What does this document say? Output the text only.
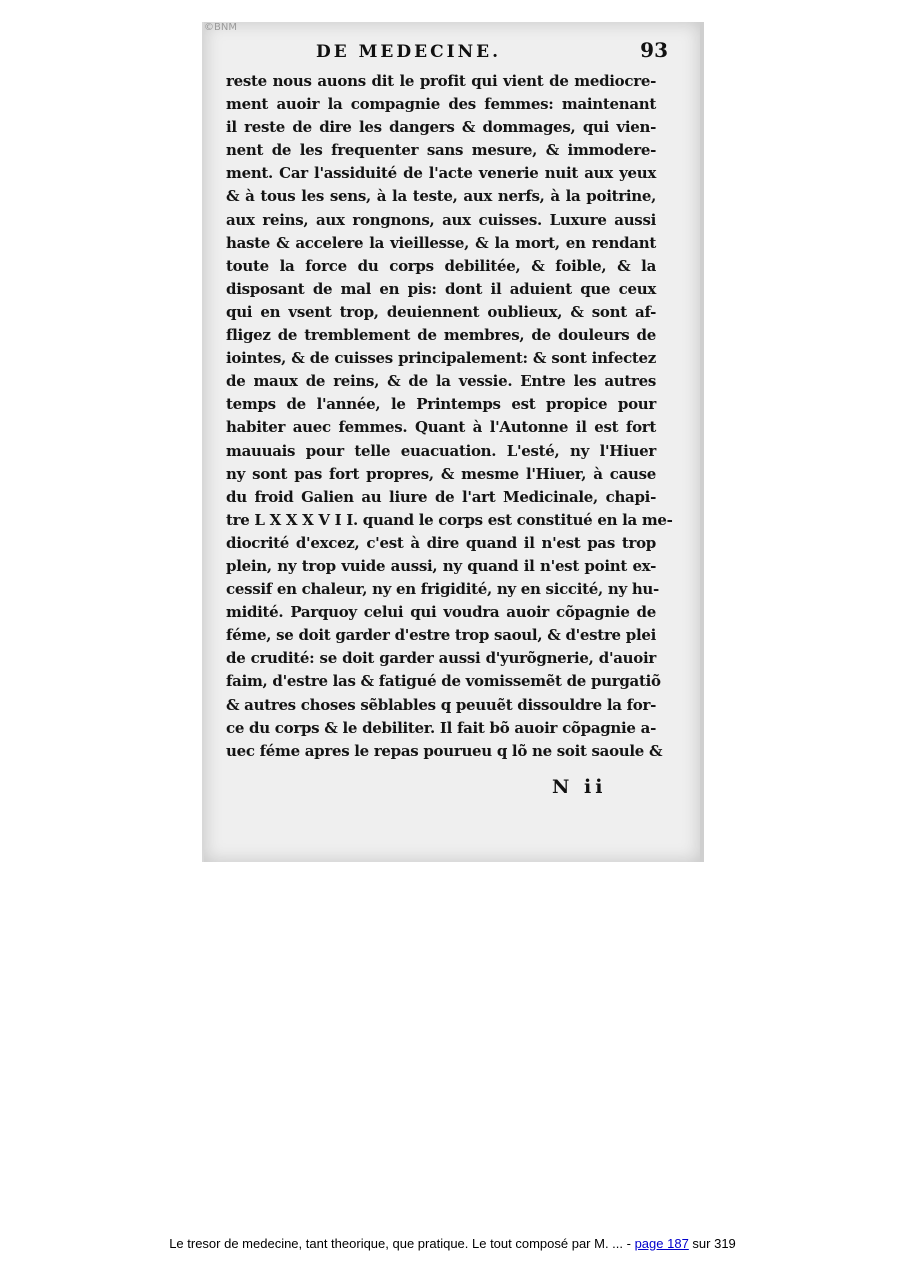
©BNM
DE MEDECINE.	93
reste nous auons dit le profit qui vient de mediocre-
ment auoir la compagnie des femmes: maintenant
il reste de dire les dangers & dommages, qui vien-
nent de les frequenter sans mesure, & immodere-
ment. Car l'assiduité de l'acte venerie nuit aux yeux
& à tous les sens, à la teste, aux nerfs, à la poitrine,
aux reins, aux rongnons, aux cuisses. Luxure aussi
haste & accelere la vieillesse, & la mort, en rendant
toute la force du corps debilitée, & foible, & la
disposant de mal en pis: dont il aduient que ceux
qui en vsent trop, deuiennent oublieux, & sont af-
fligez de tremblement de membres, de douleurs de
iointes, & de cuisses principalement: & sont infectez
de maux de reins, & de la vessie. Entre les autres
temps de l'année, le Printemps est propice pour
habiter auec femmes. Quant à l'Autonne il est fort
mauuais pour telle euacuation. L'esté, ny l'Hiuer
ny sont pas fort propres, & mesme l'Hiuer, à cause
du froid Galien au liure de l'art Medicinale, chapi-
tre L X X X V I I. quand le corps est constitué en la me-
diocrité d'excez, c'est à dire quand il n'est pas trop
plein, ny trop vuide aussi, ny quand il n'est point ex-
cessif en chaleur, ny en frigidité, ny en siccité, ny hu-
midité. Parquoy celui qui voudra auoir cõpagnie de
féme, se doit garder d'estre trop saoul, & d'estre plei
de crudité: se doit garder aussi d'yurõgnerie, d'auoir
faim, d'estre las & fatigué de vomissemẽt de purgatiõ
& autres choses sẽblables q peuuẽt dissouldre la for-
ce du corps & le debiliter. Il fait bõ auoir cõpagnie a-
uec féme apres le repas pourueu q lõ ne soit saoule &
N ii
Le tresor de medecine, tant theorique, que pratique. Le tout composé par M. ... - page 187 sur 319
